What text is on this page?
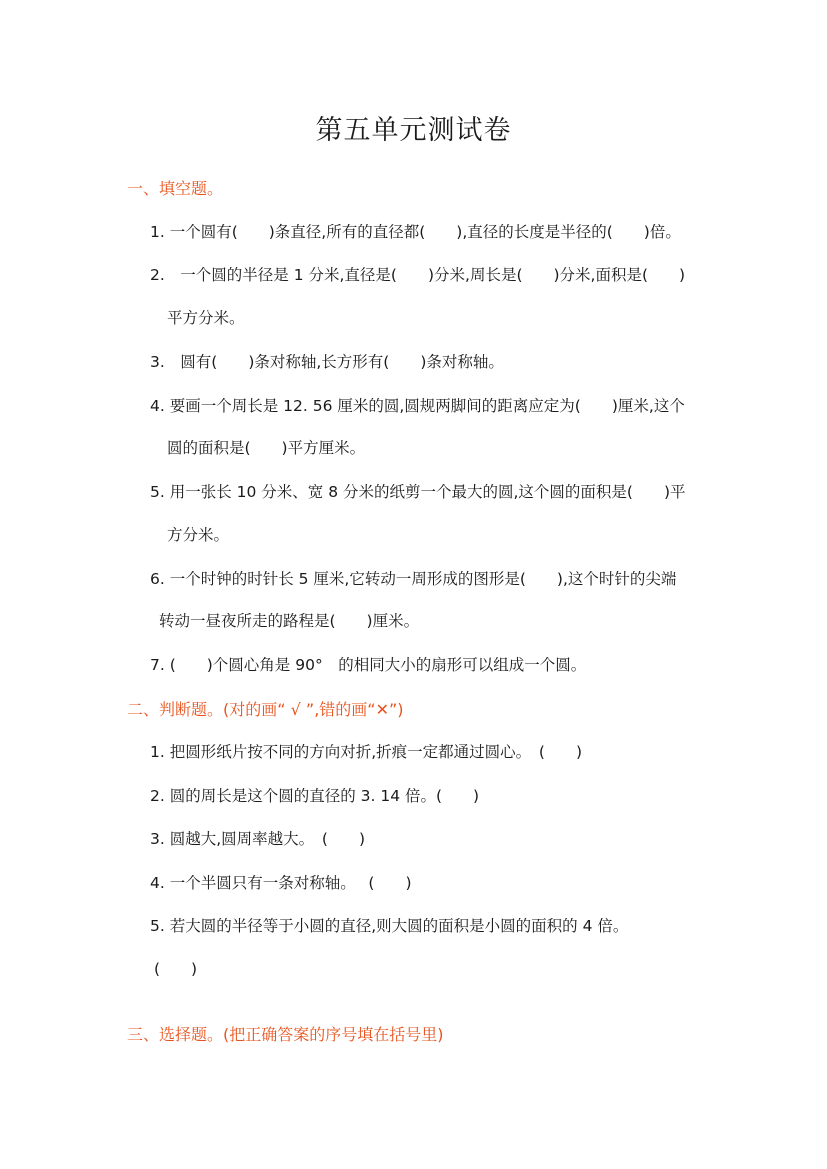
第五单元测试卷
一、填空题。
1. 一个圆有(　　)条直径,所有的直径都(　　),直径的长度是半径的(　　)倍。
2.　一个圆的半径是 1 分米,直径是(　　)分米,周长是(　　)分米,面积是(　　)
平方分米。
3.　圆有(　　)条对称轴,长方形有(　　)条对称轴。
4. 要画一个周长是 12. 56 厘米的圆,圆规两脚间的距离应定为(　　)厘米,这个
圆的面积是(　　)平方厘米。
5. 用一张长 10 分米、宽 8 分米的纸剪一个最大的圆,这个圆的面积是(　　)平
方分米。
6. 一个时钟的时针长 5 厘米,它转动一周形成的图形是(　　),这个时针的尖端
转动一昼夜所走的路程是(　　)厘米。
7. (　　)个圆心角是 90°　的相同大小的扇形可以组成一个圆。
二、判断题。(对的画“ √ ”,错的画“✕”)
1. 把圆形纸片按不同的方向对折,折痕一定都通过圆心。　(　　)
2. 圆的周长是这个圆的直径的 3. 14 倍。(　　)
3. 圆越大,圆周率越大。　(　　)
4. 一个半圆只有一条对称轴。　 (　　)
5. 若大圆的半径等于小圆的直径,则大圆的面积是小圆的面积的 4 倍。
(　　)
三、选择题。(把正确答案的序号填在括号里)
